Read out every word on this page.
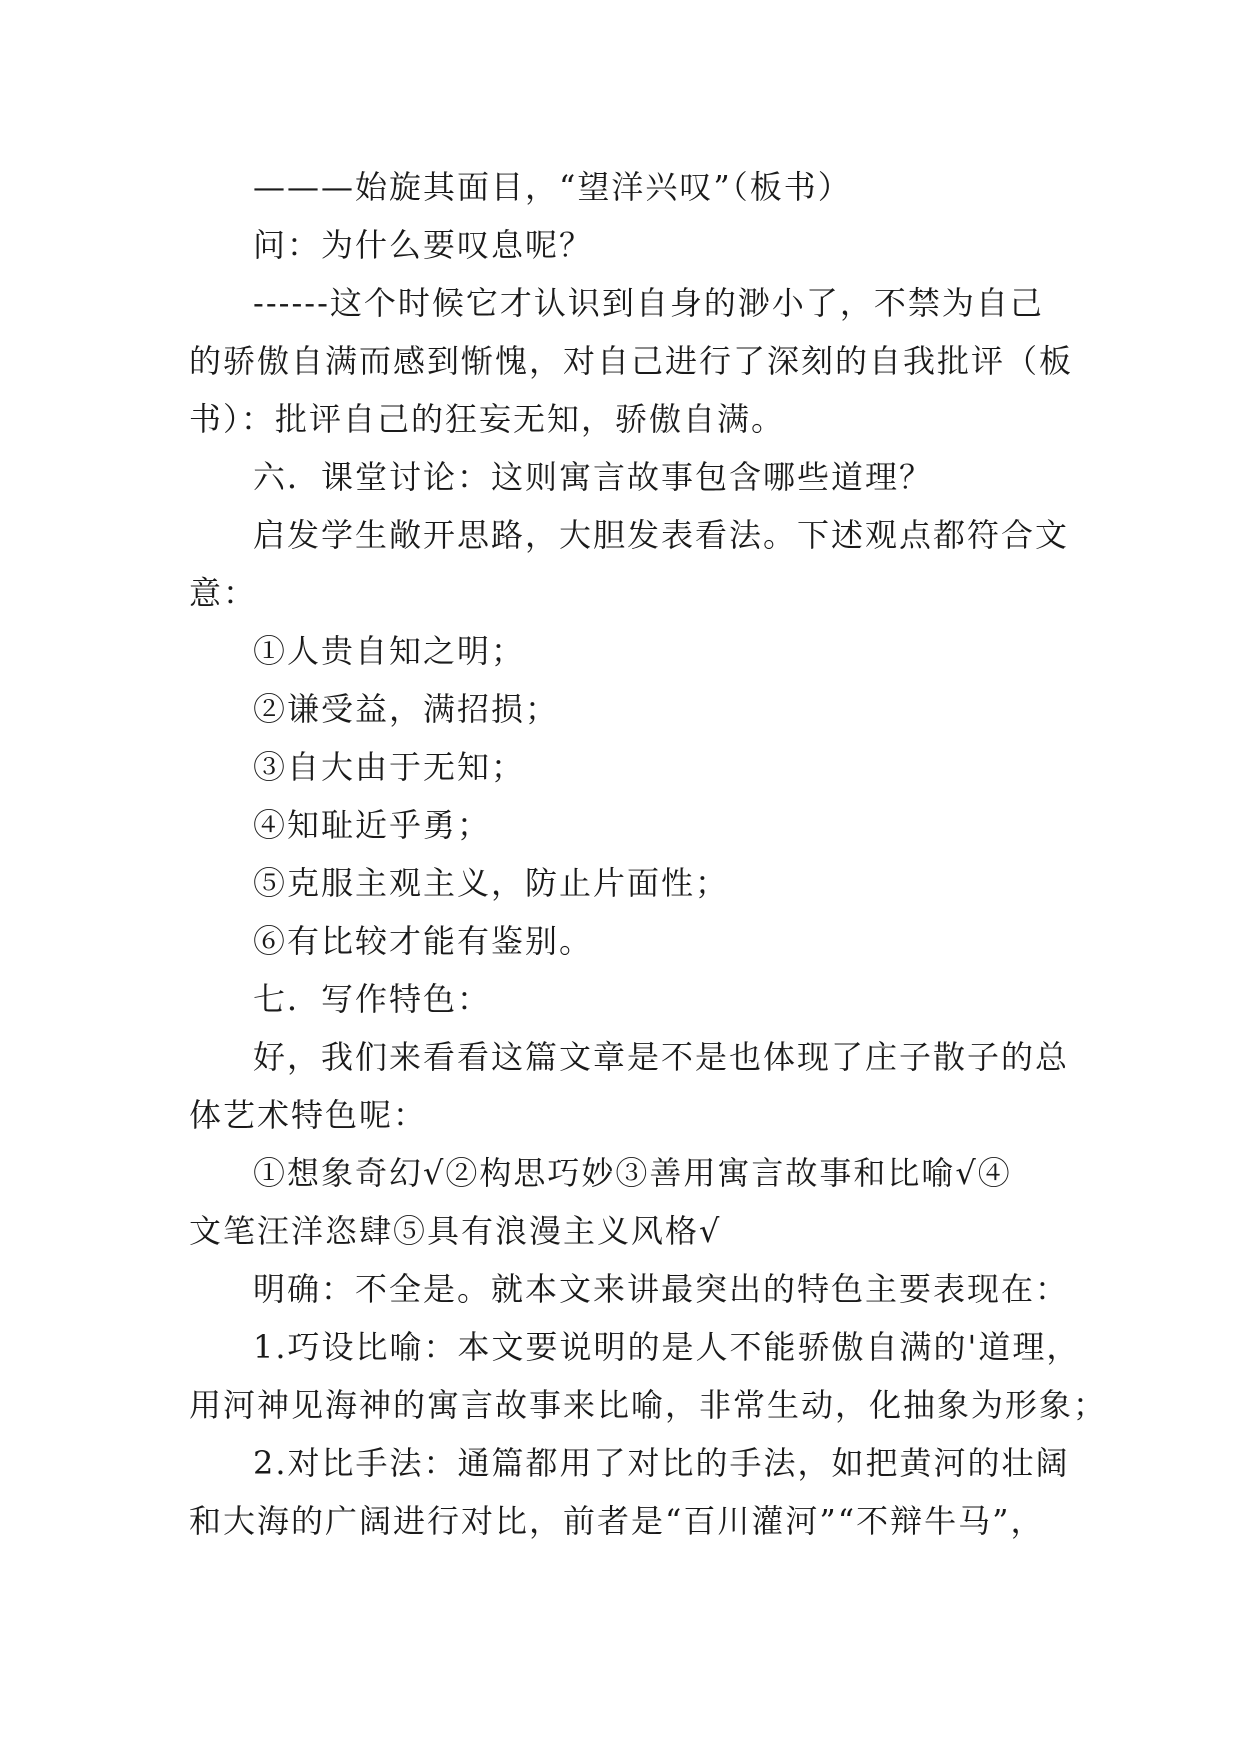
———始旋其面目，“望洋兴叹”（板书）
问：为什么要叹息呢？
------这个时候它才认识到自身的渺小了，不禁为自己
的骄傲自满而感到惭愧，对自己进行了深刻的自我批评（板
书）：批评自己的狂妄无知，骄傲自满。
六．课堂讨论：这则寓言故事包含哪些道理？
启发学生敞开思路，大胆发表看法。下述观点都符合文
意：
①人贵自知之明；
②谦受益，满招损；
③自大由于无知；
④知耻近乎勇；
⑤克服主观主义，防止片面性；
⑥有比较才能有鉴别。
七．写作特色：
好，我们来看看这篇文章是不是也体现了庄子散子的总
体艺术特色呢：
①想象奇幻√②构思巧妙③善用寓言故事和比喻√④
文笔汪洋恣肆⑤具有浪漫主义风格√
明确：不全是。就本文来讲最突出的特色主要表现在：
1.巧设比喻：本文要说明的是人不能骄傲自满的'道理，
用河神见海神的寓言故事来比喻，非常生动，化抽象为形象；
2.对比手法：通篇都用了对比的手法，如把黄河的壮阔
和大海的广阔进行对比，前者是“百川灌河”“不辩牛马”，
